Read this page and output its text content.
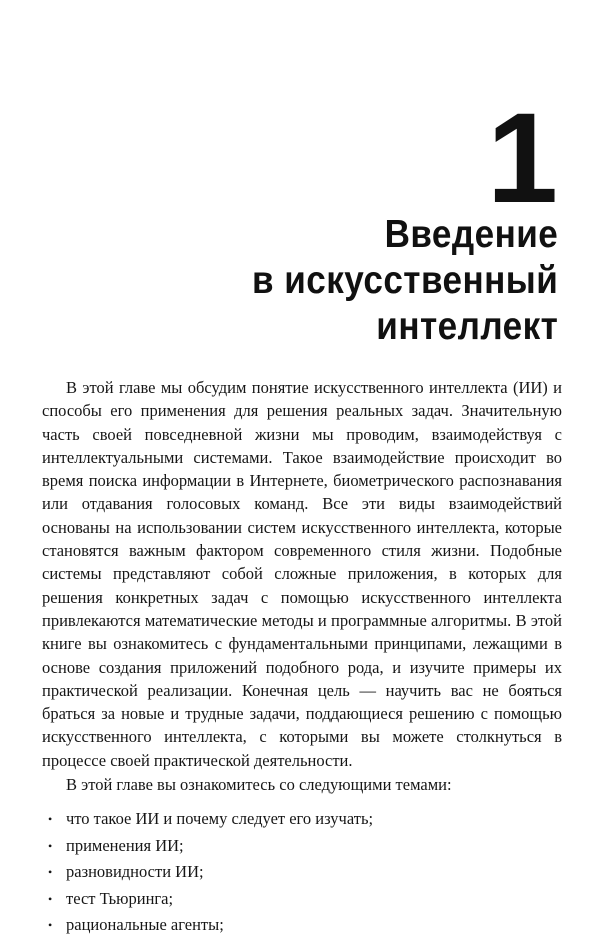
1
Введение
в искусственный
интеллект

В этой главе мы обсудим понятие искусственного интеллекта (ИИ) и способы его применения для решения реальных задач. Значительную часть своей повседневной жизни мы проводим, взаимодействуя с интеллектуальными системами. Такое взаимодействие происходит во время поиска информации в Интернете, биометрического распознавания или отдавания голосовых команд. Все эти виды взаимодействий основаны на использовании систем искусственного интеллекта, которые становятся важным фактором современного стиля жизни. Подобные системы представляют собой сложные приложения, в которых для решения конкретных задач с помощью искусственного интеллекта привлекаются математические методы и программные алгоритмы. В этой книге вы ознакомитесь с фундаментальными принципами, лежащими в основе создания приложений подобного рода, и изучите примеры их практической реализации. Конечная цель — научить вас не бояться браться за новые и трудные задачи, поддающиеся решению с помощью искусственного интеллекта, с которыми вы можете столкнуться в процессе своей практической деятельности.

В этой главе вы ознакомитесь со следующими темами:

• что такое ИИ и почему следует его изучать;
• применения ИИ;
• разновидности ИИ;
• тест Тьюринга;
• рациональные агенты;
